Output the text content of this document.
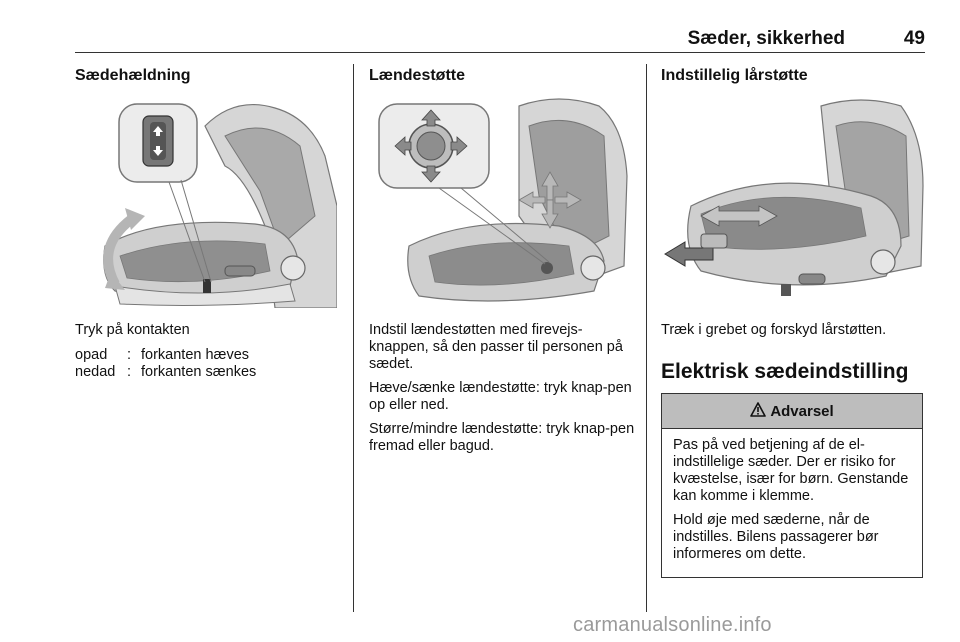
Sæder, sikkerhed	49
Sædehældning
Tryk på kontakten
opad	:	forkanten hæves
nedad	:	forkanten sænkes
Lændestøtte

Indstil lændestøtten med firevejs-knappen, så den passer til personen på sædet.

Hæve/sænke lændestøtte: tryk knap-pen op eller ned.

Større/mindre lændestøtte: tryk knap-pen fremad eller bagud.

Indstillelig lårstøtte
Træk i grebet og forskyd lårstøtten.
Elektrisk sædeindstilling
Advarsel

Pas på ved betjening af de el-indstillelige sæder. Der er risiko for kvæstelse, især for børn. Genstande kan komme i klemme.

Hold øje med sæderne, når de indstilles. Bilens passagerer bør informeres om dette.

carmanualsonline.info
